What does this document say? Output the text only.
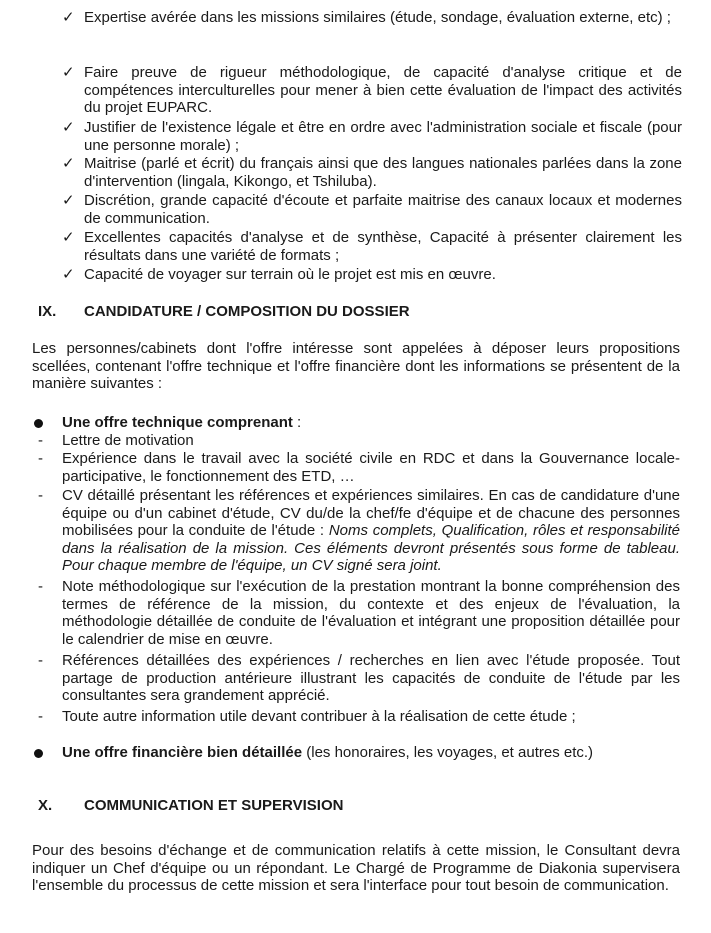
✓ Expertise avérée dans les missions similaires (étude, sondage, évaluation externe, etc) ;
✓ Faire preuve de rigueur méthodologique, de capacité d'analyse critique et de compétences interculturelles pour mener à bien cette évaluation de l'impact des activités du projet EUPARC.
✓ Justifier de l'existence légale et être en ordre avec l'administration sociale et fiscale (pour une personne morale) ;
✓ Maitrise (parlé et écrit) du français ainsi que des langues nationales parlées dans la zone d'intervention (lingala, Kikongo, et Tshiluba).
✓ Discrétion, grande capacité d'écoute et parfaite maitrise des canaux locaux et modernes de communication.
✓ Excellentes capacités d'analyse et de synthèse, Capacité à présenter clairement les résultats dans une variété de formats ;
✓ Capacité de voyager sur terrain où le projet est mis en œuvre.
IX. CANDIDATURE / COMPOSITION DU DOSSIER
Les personnes/cabinets dont l'offre intéresse sont appelées à déposer leurs propositions scellées, contenant l'offre technique et l'offre financière dont les informations se présentent de la manière suivantes :
Une offre technique comprenant :
- Lettre de motivation
- Expérience dans le travail avec la société civile en RDC et dans la Gouvernance locale-participative, le fonctionnement des ETD, …
- CV détaillé présentant les références et expériences similaires. En cas de candidature d'une équipe ou d'un cabinet d'étude, CV du/de la chef/fe d'équipe et de chacune des personnes mobilisées pour la conduite de l'étude : Noms complets, Qualification, rôles et responsabilité dans la réalisation de la mission. Ces éléments devront présentés sous forme de tableau. Pour chaque membre de l'équipe, un CV signé sera joint.
- Note méthodologique sur l'exécution de la prestation montrant la bonne compréhension des termes de référence de la mission, du contexte et des enjeux de l'évaluation, la méthodologie détaillée de conduite de l'évaluation et intégrant une proposition détaillée pour le calendrier de mise en œuvre.
- Références détaillées des expériences / recherches en lien avec l'étude proposée. Tout partage de production antérieure illustrant les capacités de conduite de l'étude par les consultantes sera grandement apprécié.
- Toute autre information utile devant contribuer à la réalisation de cette étude ;
Une offre financière bien détaillée (les honoraires, les voyages, et autres etc.)
X. COMMUNICATION ET SUPERVISION
Pour des besoins d'échange et de communication relatifs à cette mission, le Consultant devra indiquer un Chef d'équipe ou un répondant. Le Chargé de Programme de Diakonia supervisera l'ensemble du processus de cette mission et sera l'interface pour tout besoin de communication.
